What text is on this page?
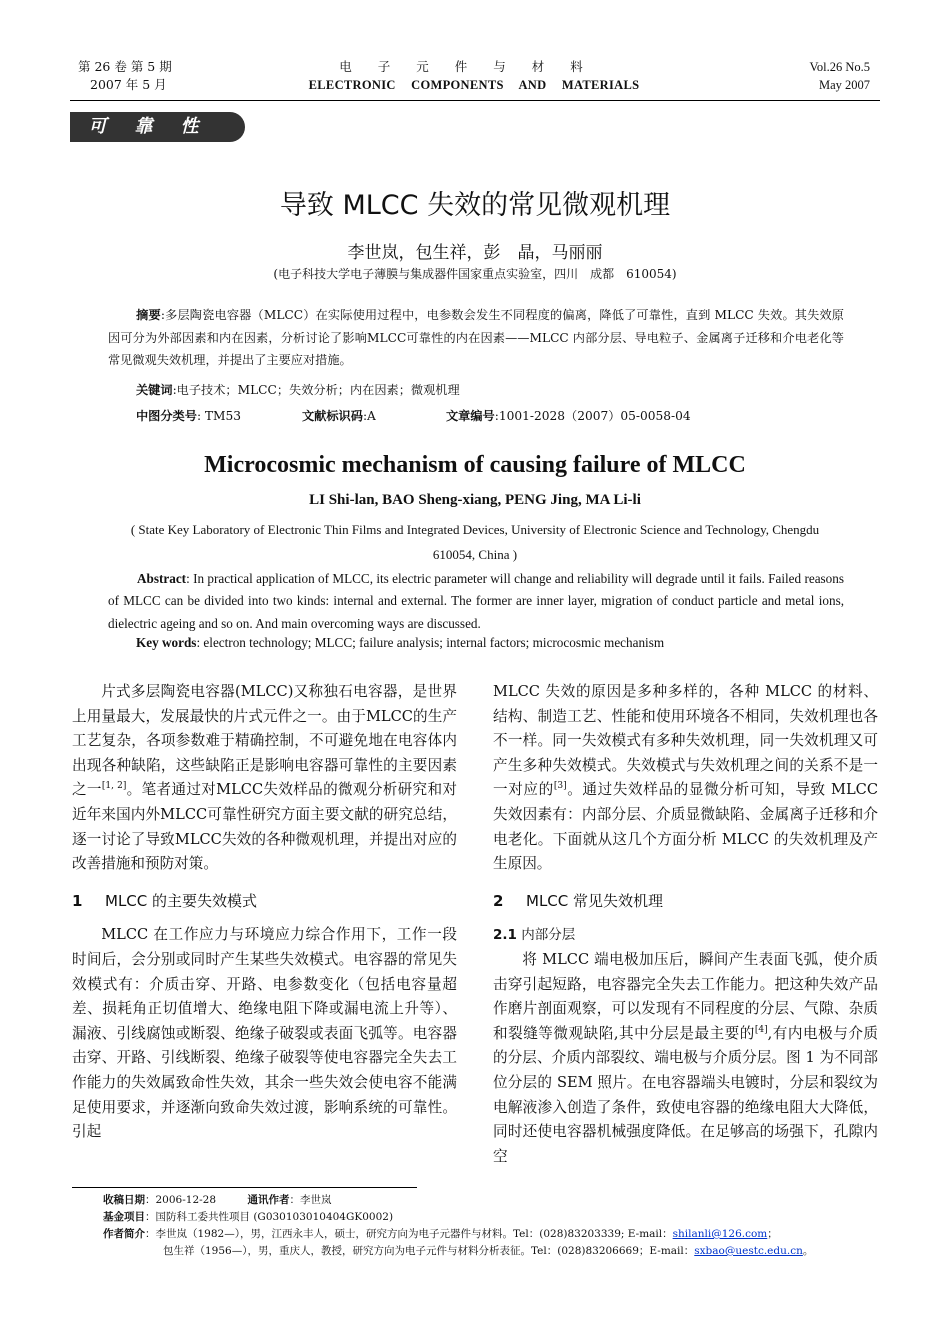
第 26 卷 第 5 期
2007 年 5 月
电子元件与材料
ELECTRONIC COMPONENTS AND MATERIALS
Vol.26 No.5
May 2007
可靠性
导致 MLCC 失效的常见微观机理
李世岚，包生祥，彭　晶，马丽丽
(电子科技大学电子薄膜与集成器件国家重点实验室，四川　成都　610054)
摘要:多层陶瓷电容器（MLCC）在实际使用过程中，电参数会发生不同程度的偏离，降低了可靠性，直到 MLCC 失效。其失效原因可分为外部因素和内在因素，分析讨论了影响MLCC可靠性的内在因素——MLCC 内部分层、导电粒子、金属离子迁移和介电老化等常见微观失效机理，并提出了主要应对措施。
关键词:电子技术；MLCC；失效分析；内在因素；微观机理
中图分类号: TM53	文献标识码:A	文章编号:1001-2028（2007）05-0058-04
Microcosmic mechanism of causing failure of MLCC
LI Shi-lan, BAO Sheng-xiang, PENG Jing, MA Li-li
( State Key Laboratory of Electronic Thin Films and Integrated Devices, University of Electronic Science and Technology, Chengdu　610054, China )
Abstract: In practical application of MLCC, its electric parameter will change and reliability will degrade until it fails. Failed reasons of MLCC can be divided into two kinds: internal and external. The former are inner layer, migration of conduct particle and metal ions, dielectric ageing and so on. And main overcoming ways are discussed.
Key words: electron technology; MLCC; failure analysis; internal factors; microcosmic mechanism

片式多层陶瓷电容器(MLCC)又称独石电容器，是世界上用量最大，发展最快的片式元件之一。由于MLCC的生产工艺复杂，各项参数难于精确控制，不可避免地在电容体内出现各种缺陷，这些缺陷正是影响电容器可靠性的主要因素之一[1, 2]。笔者通过对MLCC失效样品的微观分析研究和对近年来国内外MLCC可靠性研究方面主要文献的研究总结，逐一讨论了导致MLCC失效的各种微观机理，并提出对应的改善措施和预防对策。

1 MLCC 的主要失效模式

MLCC 在工作应力与环境应力综合作用下，工作一段时间后，会分别或同时产生某些失效模式。电容器的常见失效模式有：介质击穿、开路、电参数变化（包括电容量超差、损耗角正切值增大、绝缘电阻下降或漏电流上升等）、漏液、引线腐蚀或断裂、绝缘子破裂或表面飞弧等。电容器击穿、开路、引线断裂、绝缘子破裂等使电容器完全失去工作能力的失效属致命性失效，其余一些失效会使电容不能满足使用要求，并逐渐向致命失效过渡，影响系统的可靠性。引起

MLCC 失效的原因是多种多样的，各种 MLCC 的材料、结构、制造工艺、性能和使用环境各不相同，失效机理也各不一样。同一失效模式有多种失效机理，同一失效机理又可产生多种失效模式。失效模式与失效机理之间的关系不是一一对应的[3]。通过失效样品的显微分析可知，导致 MLCC 失效因素有：内部分层、介质显微缺陷、金属离子迁移和介电老化。下面就从这几个方面分析 MLCC 的失效机理及产生原因。

2 MLCC 常见失效机理

2.1 内部分层

将 MLCC 端电极加压后，瞬间产生表面飞弧，使介质击穿引起短路，电容器完全失去工作能力。把这种失效产品作磨片剖面观察，可以发现有不同程度的分层、气隙、杂质和裂缝等微观缺陷,其中分层是最主要的[4],有内电极与介质的分层、介质内部裂纹、端电极与介质分层。图 1 为不同部位分层的 SEM 照片。在电容器端头电镀时，分层和裂纹为电解液渗入创造了条件，致使电容器的绝缘电阻大大降低，同时还使电容器机械强度降低。在足够高的场强下，孔隙内空

收稿日期：2006-12-28　　　	通讯作者：李世岚
基金项目：国防科工委共性项目 (G030103010404GK0002)
作者简介：李世岚（1982—），男，江西永丰人，硕士，研究方向为电子元器件与材料。Tel：(028)83203339; E-mail：shilanli@126.com；
包生祥（1956—），男，重庆人，教授，研究方向为电子元件与材料分析表征。Tel：(028)83206669；E-mail：sxbao@uestc.edu.cn。
